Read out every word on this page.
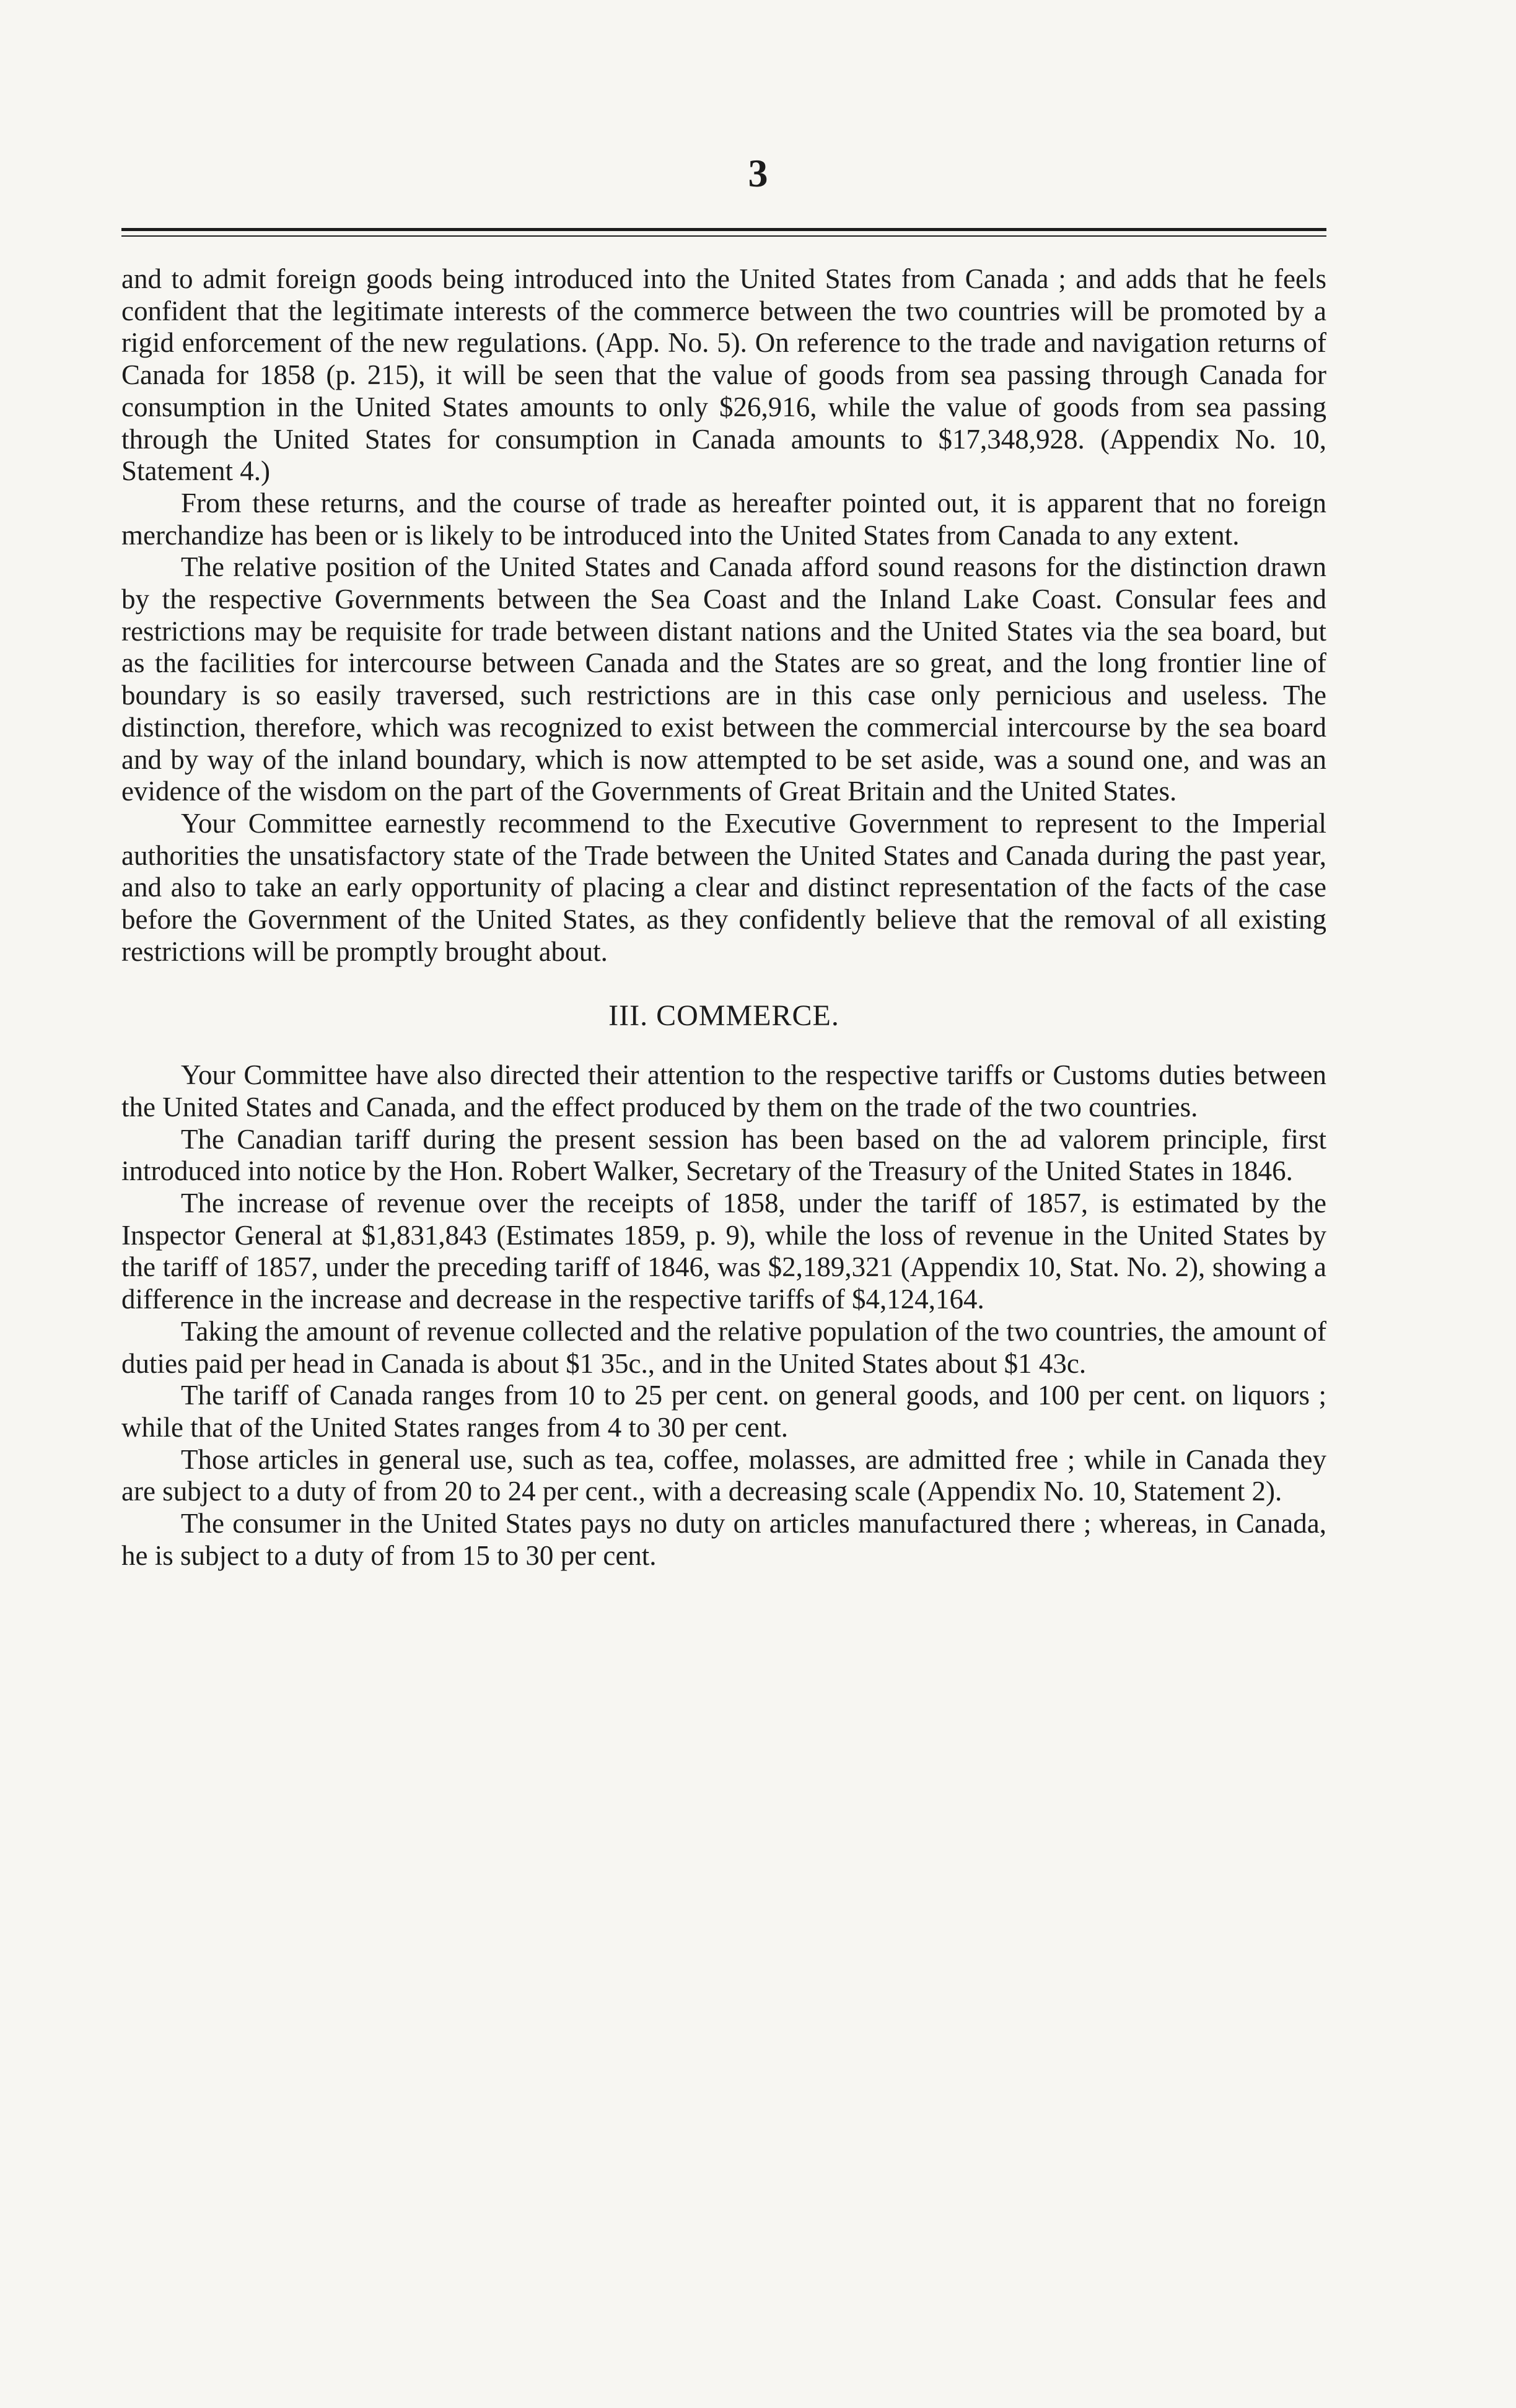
3

and to admit foreign goods being introduced into the United States from Canada ; and adds that he feels confident that the legitimate interests of the commerce between the two countries will be promoted by a rigid enforcement of the new regulations. (App. No. 5). On reference to the trade and navigation returns of Canada for 1858 (p. 215), it will be seen that the value of goods from sea passing through Canada for consumption in the United States amounts to only $26,916, while the value of goods from sea passing through the United States for consumption in Canada amounts to $17,348,928. (Appendix No. 10, Statement 4.)

From these returns, and the course of trade as hereafter pointed out, it is apparent that no foreign merchandize has been or is likely to be introduced into the United States from Canada to any extent.

The relative position of the United States and Canada afford sound reasons for the distinction drawn by the respective Governments between the Sea Coast and the Inland Lake Coast. Consular fees and restrictions may be requisite for trade between distant nations and the United States via the sea board, but as the facilities for intercourse between Canada and the States are so great, and the long frontier line of boundary is so easily traversed, such restrictions are in this case only pernicious and useless. The distinction, therefore, which was recognized to exist between the commercial intercourse by the sea board and by way of the inland boundary, which is now attempted to be set aside, was a sound one, and was an evidence of the wisdom on the part of the Governments of Great Britain and the United States.

Your Committee earnestly recommend to the Executive Government to represent to the Imperial authorities the unsatisfactory state of the Trade between the United States and Canada during the past year, and also to take an early opportunity of placing a clear and distinct representation of the facts of the case before the Government of the United States, as they confidently believe that the removal of all existing restrictions will be promptly brought about.

III. COMMERCE.

Your Committee have also directed their attention to the respective tariffs or Customs duties between the United States and Canada, and the effect produced by them on the trade of the two countries.

The Canadian tariff during the present session has been based on the ad valorem principle, first introduced into notice by the Hon. Robert Walker, Secretary of the Treasury of the United States in 1846.

The increase of revenue over the receipts of 1858, under the tariff of 1857, is estimated by the Inspector General at $1,831,843 (Estimates 1859, p. 9), while the loss of revenue in the United States by the tariff of 1857, under the preceding tariff of 1846, was $2,189,321 (Appendix 10, Stat. No. 2), showing a difference in the increase and decrease in the respective tariffs of $4,124,164.

Taking the amount of revenue collected and the relative population of the two countries, the amount of duties paid per head in Canada is about $1 35c., and in the United States about $1 43c.

The tariff of Canada ranges from 10 to 25 per cent. on general goods, and 100 per cent. on liquors ; while that of the United States ranges from 4 to 30 per cent.

Those articles in general use, such as tea, coffee, molasses, are admitted free ; while in Canada they are subject to a duty of from 20 to 24 per cent., with a decreasing scale (Appendix No. 10, Statement 2).

The consumer in the United States pays no duty on articles manufactured there ; whereas, in Canada, he is subject to a duty of from 15 to 30 per cent.
